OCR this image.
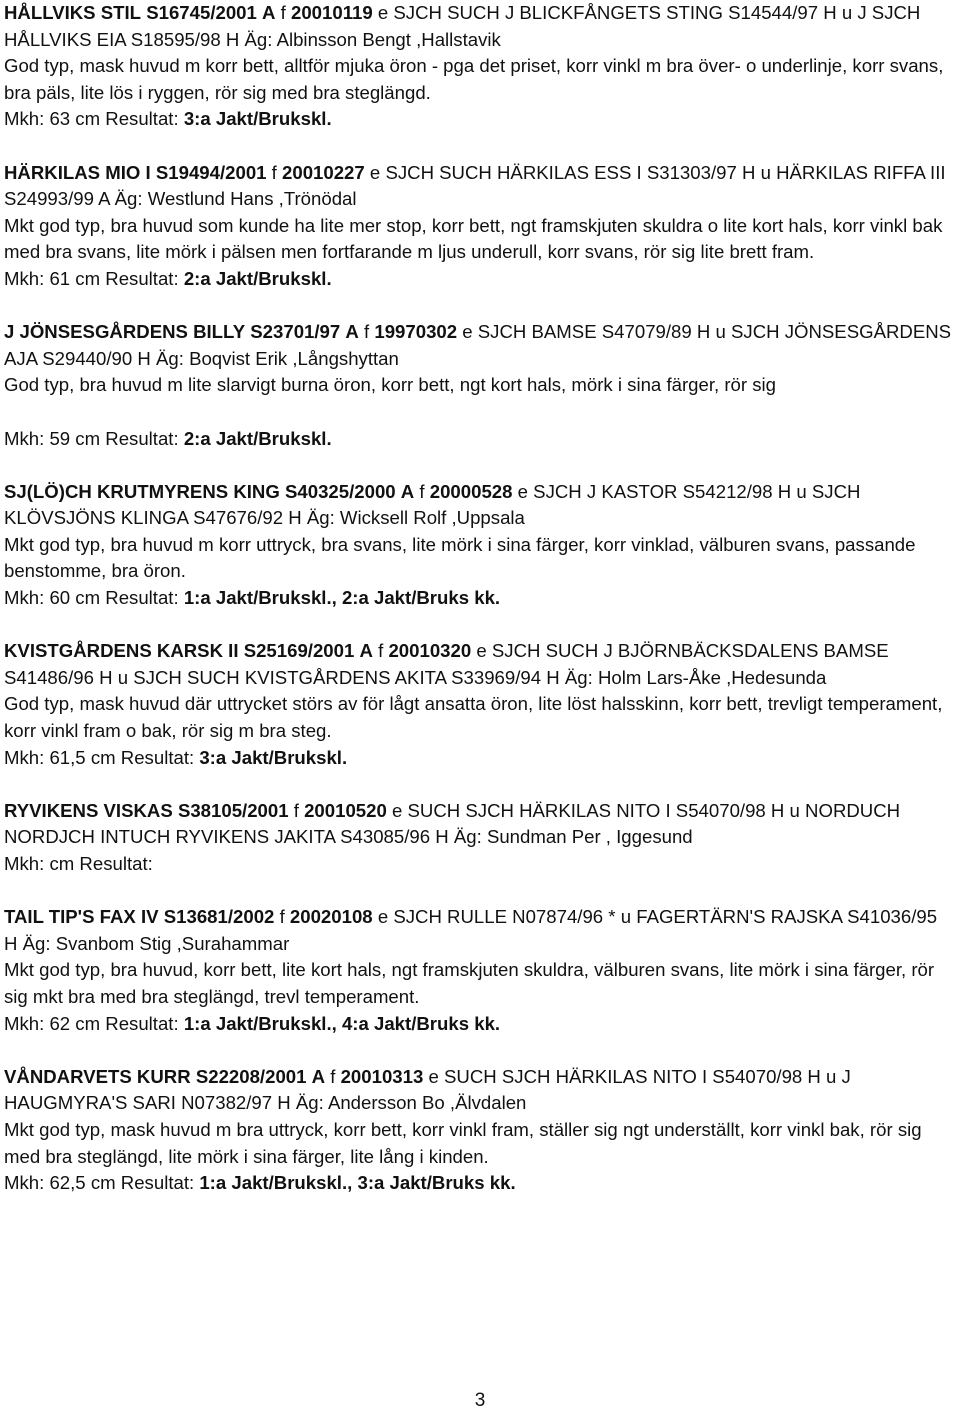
HÅLLVIKS STIL S16745/2001 A f 20010119 e SJCH SUCH J BLICKFÅNGETS STING S14544/97 H u J SJCH HÅLLVIKS EIA S18595/98 H Äg: Albinsson Bengt ,Hallstavik
God typ, mask huvud m korr bett, alltför mjuka öron - pga det priset, korr vinkl m bra över- o underlinje, korr svans, bra päls, lite lös i ryggen, rör sig med bra steglängd.
Mkh: 63 cm Resultat: 3:a Jakt/Brukskl.
HÄRKILAS MIO I S19494/2001 f 20010227 e SJCH SUCH HÄRKILAS ESS I S31303/97 H u HÄRKILAS RIFFA III S24993/99 A Äg: Westlund Hans ,Trönödal
Mkt god typ, bra huvud som kunde ha lite mer stop, korr bett, ngt framskjuten skuldra o lite kort hals, korr vinkl bak med bra svans, lite mörk i pälsen men fortfarande m ljus underull, korr svans, rör sig lite brett fram.
Mkh: 61 cm Resultat: 2:a Jakt/Brukskl.
J JÖNSESGÅRDENS BILLY S23701/97 A f 19970302 e SJCH BAMSE S47079/89 H u SJCH JÖNSESGÅRDENS AJA S29440/90 H Äg: Boqvist Erik ,Långshyttan
God typ, bra huvud m lite slarvigt burna öron, korr bett, ngt kort hals, mörk i sina färger, rör sig
Mkh: 59 cm Resultat: 2:a Jakt/Brukskl.
SJ(LÖ)CH KRUTMYRENS KING S40325/2000 A f 20000528 e SJCH J KASTOR S54212/98 H u SJCH KLÖVSJÖNS KLINGA S47676/92 H Äg: Wicksell Rolf ,Uppsala
Mkt god typ, bra huvud m korr uttryck, bra svans, lite mörk i sina färger, korr vinklad, välburen svans, passande benstomme, bra öron.
Mkh: 60 cm Resultat: 1:a Jakt/Brukskl., 2:a Jakt/Bruks kk.
KVISTGÅRDENS KARSK II S25169/2001 A f 20010320 e SJCH SUCH J BJÖRNBÄCKSDALENS BAMSE S41486/96 H u SJCH SUCH KVISTGÅRDENS AKITA S33969/94 H Äg: Holm Lars-Åke ,Hedesunda
God typ, mask huvud där uttrycket störs av för lågt ansatta öron, lite löst halsskinn, korr bett, trevligt temperament, korr vinkl fram o bak, rör sig m bra steg.
Mkh: 61,5 cm Resultat: 3:a Jakt/Brukskl.
RYVIKENS VISKAS S38105/2001 f 20010520 e SUCH SJCH HÄRKILAS NITO I S54070/98 H u NORDUCH NORDJCH INTUCH RYVIKENS JAKITA S43085/96 H Äg: Sundman Per , Iggesund
Mkh: cm Resultat:
TAIL TIP'S FAX IV S13681/2002 f 20020108 e SJCH RULLE N07874/96 * u FAGERTÄRN'S RAJSKA S41036/95 H Äg: Svanbom Stig ,Surahammar
Mkt god typ, bra huvud, korr bett, lite kort hals, ngt framskjuten skuldra, välburen svans, lite mörk i sina färger, rör sig mkt bra med bra steglängd, trevl temperament.
Mkh: 62 cm Resultat: 1:a Jakt/Brukskl., 4:a Jakt/Bruks kk.
VÅNDARVETS KURR S22208/2001 A f 20010313 e SUCH SJCH HÄRKILAS NITO I S54070/98 H u J HAUGMYRA'S SARI N07382/97 H Äg: Andersson Bo ,Älvdalen
Mkt god typ, mask huvud m bra uttryck, korr bett, korr vinkl fram, ställer sig ngt underställt, korr vinkl bak, rör sig med bra steglängd, lite mörk i sina färger, lite lång i kinden.
Mkh: 62,5 cm Resultat: 1:a Jakt/Brukskl., 3:a Jakt/Bruks kk.
3
